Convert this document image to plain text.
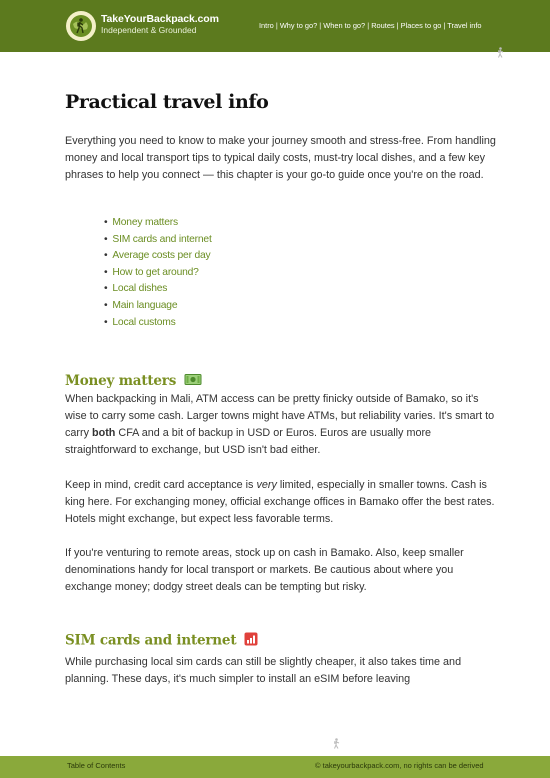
TakeYourBackpack.com
Independent & Grounded	Intro | Why to go? | When to go? | Routes | Places to go | Travel info
Practical travel info

Everything you need to know to make your journey smooth and stress-free. From handling money and local transport tips to typical daily costs, must-try local dishes, and a few key phrases to help you connect — this chapter is your go-to guide once you're on the road.

• Money matters
• SIM cards and internet
• Average costs per day
• How to get around?
• Local dishes
• Main language
• Local customs
Money matters

When backpacking in Mali, ATM access can be pretty finicky outside of Bamako, so it's wise to carry some cash. Larger towns might have ATMs, but reliability varies. It's smart to carry both CFA and a bit of backup in USD or Euros. Euros are usually more straightforward to exchange, but USD isn't bad either.

Keep in mind, credit card acceptance is very limited, especially in smaller towns. Cash is king here. For exchanging money, official exchange offices in Bamako offer the best rates. Hotels might exchange, but expect less favorable terms.

If you're venturing to remote areas, stock up on cash in Bamako. Also, keep smaller denominations handy for local transport or markets. Be cautious about where you exchange money; dodgy street deals can be tempting but risky.

SIM cards and internet

While purchasing local sim cards can still be slightly cheaper, it also takes time and planning. These days, it's much simpler to install an eSIM before leaving

Table of Contents	© takeyourbackpack.com, no rights can be derived
